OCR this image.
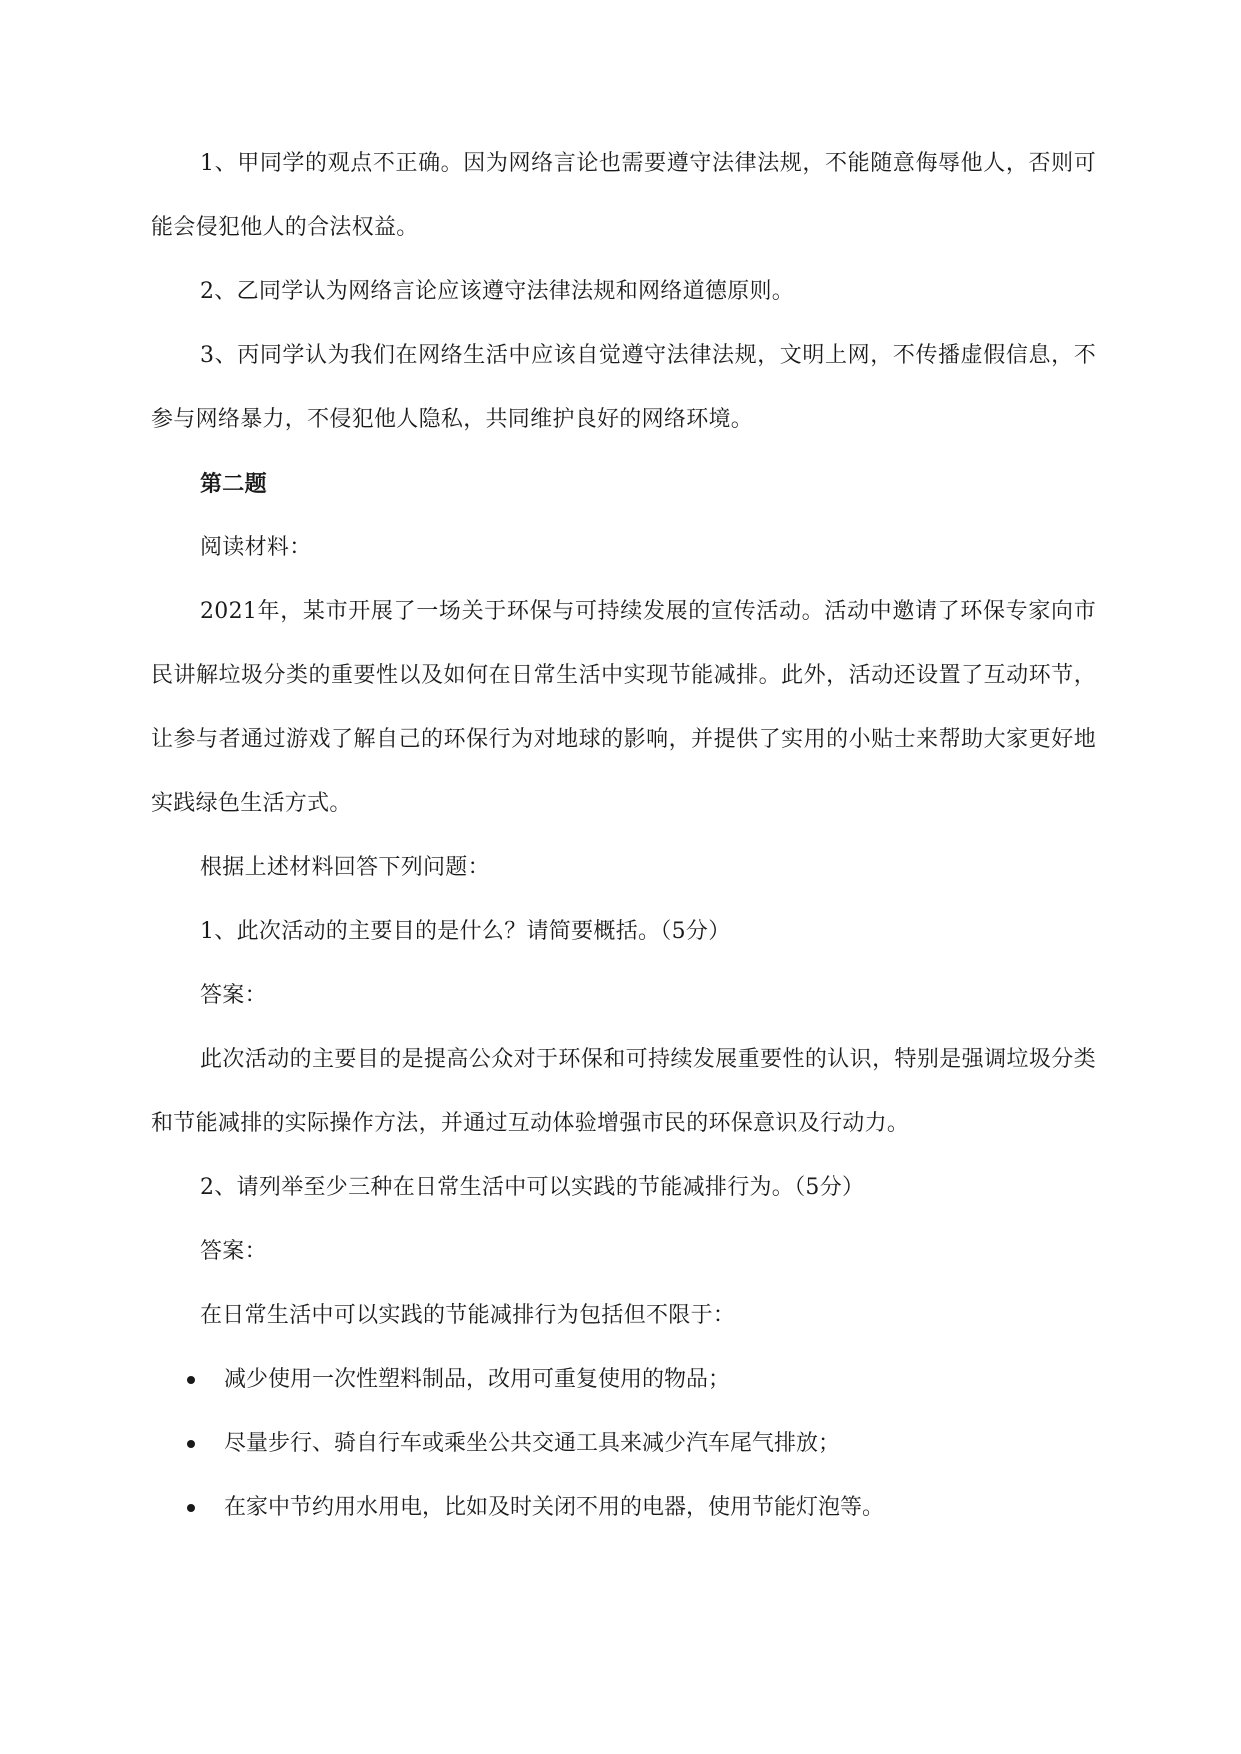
1、甲同学的观点不正确。因为网络言论也需要遵守法律法规，不能随意侮辱他人，否则可能会侵犯他人的合法权益。

2、乙同学认为网络言论应该遵守法律法规和网络道德原则。

3、丙同学认为我们在网络生活中应该自觉遵守法律法规，文明上网，不传播虚假信息，不参与网络暴力，不侵犯他人隐私，共同维护良好的网络环境。

第二题

阅读材料：

2021年，某市开展了一场关于环保与可持续发展的宣传活动。活动中邀请了环保专家向市民讲解垃圾分类的重要性以及如何在日常生活中实现节能减排。此外，活动还设置了互动环节，让参与者通过游戏了解自己的环保行为对地球的影响，并提供了实用的小贴士来帮助大家更好地实践绿色生活方式。

根据上述材料回答下列问题：

1、此次活动的主要目的是什么？请简要概括。（5分）

答案：

此次活动的主要目的是提高公众对于环保和可持续发展重要性的认识，特别是强调垃圾分类和节能减排的实际操作方法，并通过互动体验增强市民的环保意识及行动力。

2、请列举至少三种在日常生活中可以实践的节能减排行为。（5分）

答案：

在日常生活中可以实践的节能减排行为包括但不限于：

减少使用一次性塑料制品，改用可重复使用的物品；
尽量步行、骑自行车或乘坐公共交通工具来减少汽车尾气排放；
在家中节约用水用电，比如及时关闭不用的电器，使用节能灯泡等。
